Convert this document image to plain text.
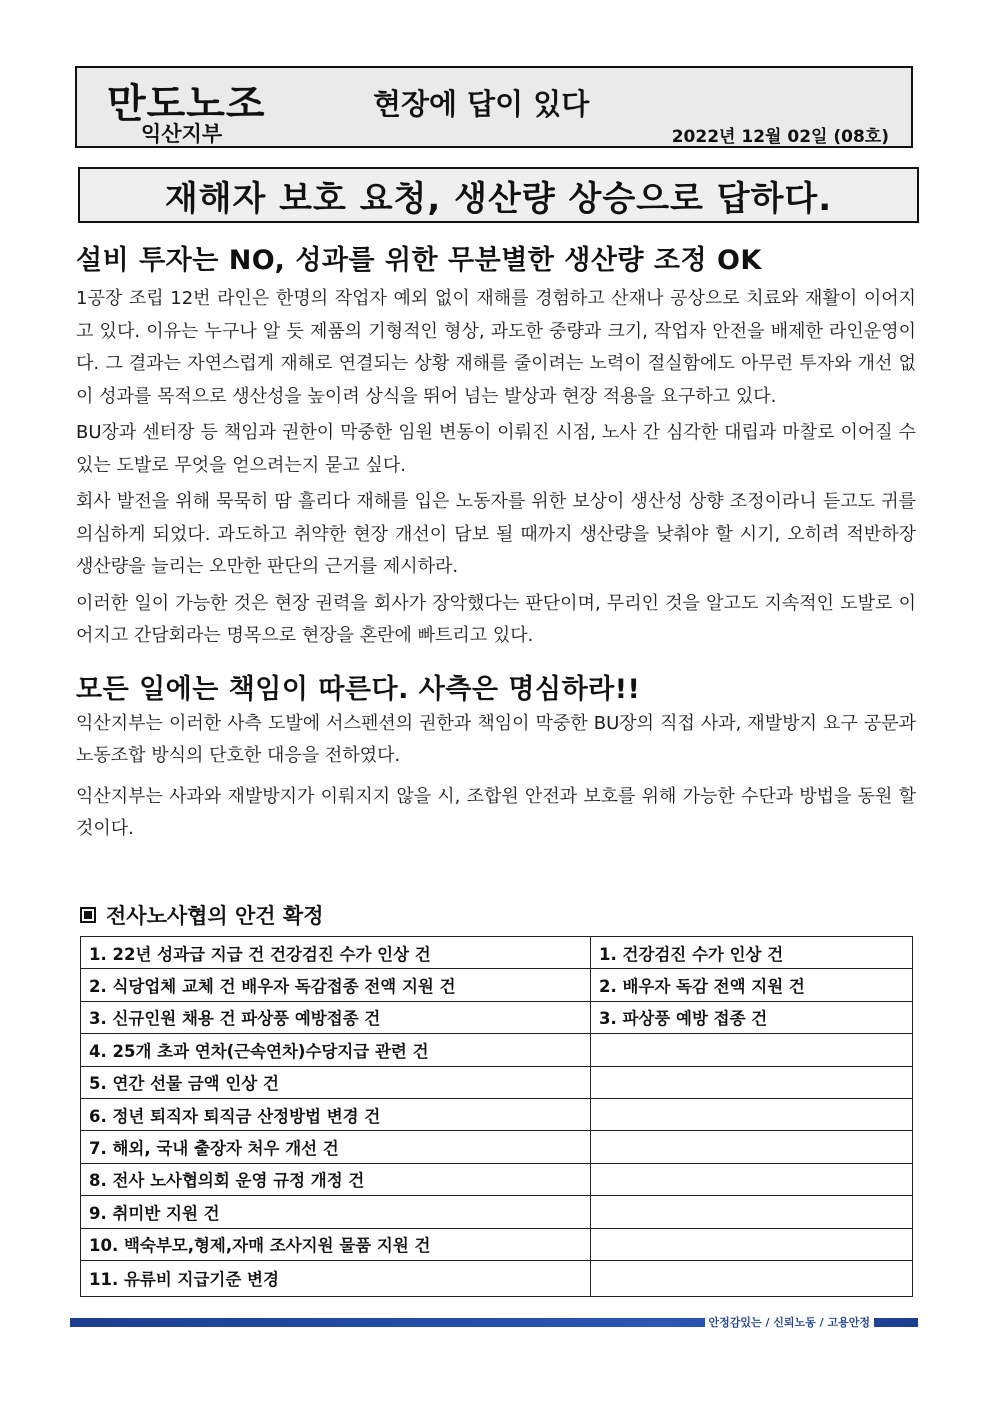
만도노조
익산지부
현장에 답이 있다
2022년 12월 02일 (08호)
재해자 보호 요청, 생산량 상승으로 답하다.
설비 투자는 NO, 성과를 위한 무분별한 생산량 조정 OK

1공장 조립 12번 라인은 한명의 작업자 예외 없이 재해를 경험하고 산재나 공상으로 치료와 재활이 이어지고 있다. 이유는 누구나 알 듯 제품의 기형적인 형상, 과도한 중량과 크기, 작업자 안전을 배제한 라인운영이다. 그 결과는 자연스럽게 재해로 연결되는 상황 재해를 줄이려는 노력이 절실함에도 아무런 투자와 개선 없이 성과를 목적으로 생산성을 높이려 상식을 뛰어 넘는 발상과 현장 적용을 요구하고 있다.

BU장과 센터장 등 책임과 권한이 막중한 임원 변동이 이뤄진 시점, 노사 간 심각한 대립과 마찰로 이어질 수 있는 도발로 무엇을 얻으려는지 묻고 싶다.

회사 발전을 위해 묵묵히 땀 흘리다 재해를 입은 노동자를 위한 보상이 생산성 상향 조정이라니 듣고도 귀를 의심하게 되었다. 과도하고 취약한 현장 개선이 담보 될 때까지 생산량을 낮춰야 할 시기, 오히려 적반하장 생산량을 늘리는 오만한 판단의 근거를 제시하라.

이러한 일이 가능한 것은 현장 권력을 회사가 장악했다는 판단이며, 무리인 것을 알고도 지속적인 도발로 이어지고 간담회라는 명목으로 현장을 혼란에 빠트리고 있다.

모든 일에는 책임이 따른다. 사측은 명심하라!!

익산지부는 이러한 사측 도발에 서스펜션의 권한과 책임이 막중한 BU장의 직접 사과, 재발방지 요구 공문과 노동조합 방식의 단호한 대응을 전하였다.

익산지부는 사과와 재발방지가 이뤄지지 않을 시, 조합원 안전과 보호를 위해 가능한 수단과 방법을 동원 할 것이다.

전사노사협의 안건 확정
1. 22년 성과급 지급 건 건강검진 수가 인상 건	1. 건강검진 수가 인상 건
2. 식당업체 교체 건 배우자 독감접종 전액 지원 건	2. 배우자 독감 전액 지원 건
3. 신규인원 채용 건 파상풍 예방접종 건	3. 파상풍 예방 접종 건
4. 25개 초과 연차(근속연차)수당지급 관련 건	
5. 연간 선물 금액 인상 건	
6. 정년 퇴직자 퇴직금 산정방법 변경 건	
7. 해외, 국내 출장자 처우 개선 건	
8. 전사 노사협의회 운영 규정 개정 건	
9. 취미반 지원 건	
10. 백숙부모,형제,자매 조사지원 물품 지원 건	
11. 유류비 지급기준 변경	
안정감있는 / 신뢰노동 / 고용안정
